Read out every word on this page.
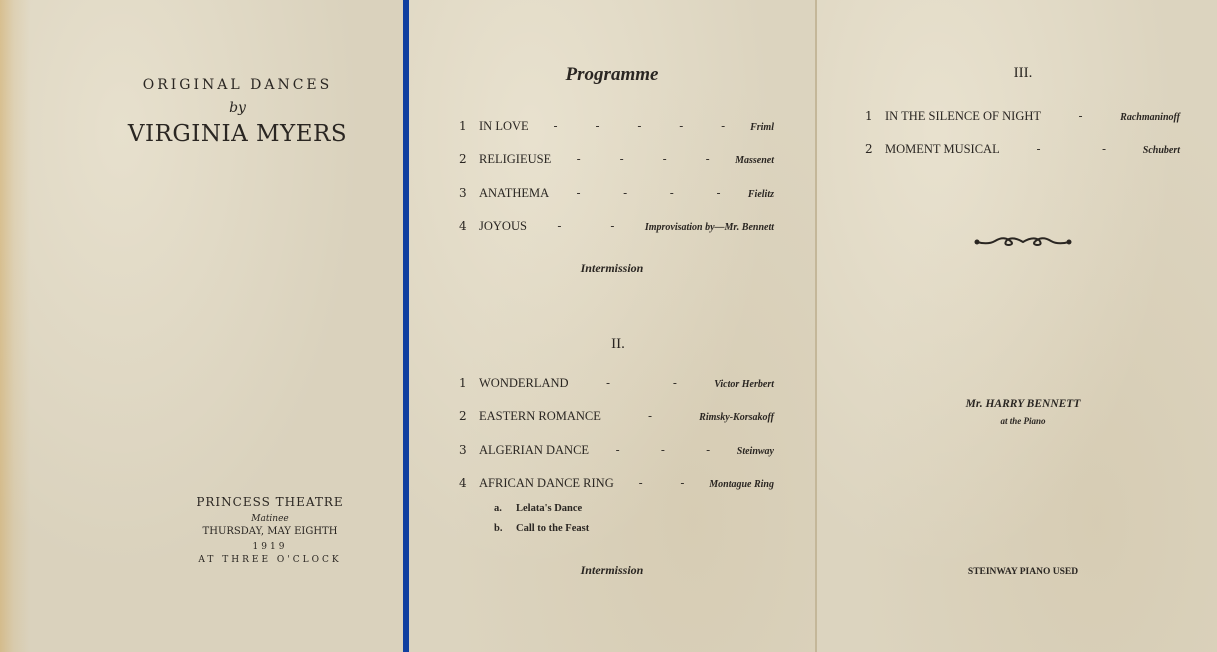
ORIGINAL DANCES
by
VIRGINIA MYERS
PRINCESS THEATRE
Matinee
THURSDAY, MAY EIGHTH
1919
AT THREE O'CLOCK
Programme
1 IN LOVE -	-	-	-	- Friml
2 RELIGIEUSE -	-	-	-	Massenet
3 ANATHEMA -	-	-	-	Fielitz
4 JOYOUS	-	-	Improvisation by—Mr. Bennett
Intermission
II.
1 WONDERLAND	-	-	Victor Herbert
2 EASTERN ROMANCE	-	Rimsky-Korsakoff
3 ALGERIAN DANCE -	-	-	Steinway
4 AFRICAN DANCE RING -	- Montague Ring
a. Lelata's Dance
b. Call to the Feast
Intermission
III.
1 IN THE SILENCE OF NIGHT	-	Rachmaninoff
2 MOMENT MUSICAL	-	-	Schubert
Mr. HARRY BENNETT
at the Piano
STEINWAY PIANO USED
